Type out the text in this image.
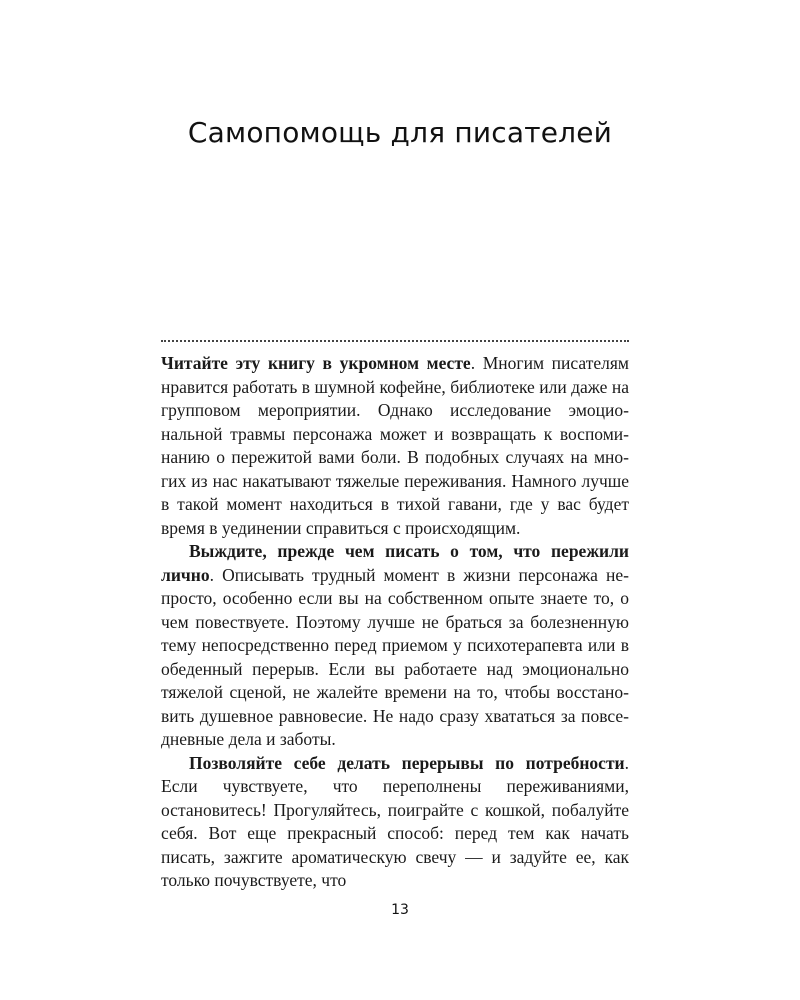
Самопомощь для писателей

Читайте эту книгу в укромном месте. Многим писателям нравится работать в шумной кофейне, библиотеке или даже на групповом мероприятии. Однако исследование эмоциональной травмы персонажа может и возвращать к воспоминанию о пережитой вами боли. В подобных случаях на многих из нас накатывают тяжелые переживания. Намного лучше в такой момент находиться в тихой гавани, где у вас будет время в уединении справиться с происходящим.

Выждите, прежде чем писать о том, что пережили лично. Описывать трудный момент в жизни персонажа непросто, особенно если вы на собственном опыте знаете то, о чем повествуете. Поэтому лучше не браться за болезненную тему непосредственно перед приемом у психотерапевта или в обеденный перерыв. Если вы работаете над эмоционально тяжелой сценой, не жалейте времени на то, чтобы восстановить душевное равновесие. Не надо сразу хвататься за повседневные дела и заботы.

Позволяйте себе делать перерывы по потребности. Если чувствуете, что переполнены переживаниями, остановитесь! Прогуляйтесь, поиграйте с кошкой, побалуйте себя. Вот еще прекрасный способ: перед тем как начать писать, зажгите ароматическую свечу — и задуйте ее, как только почувствуете, что

13
